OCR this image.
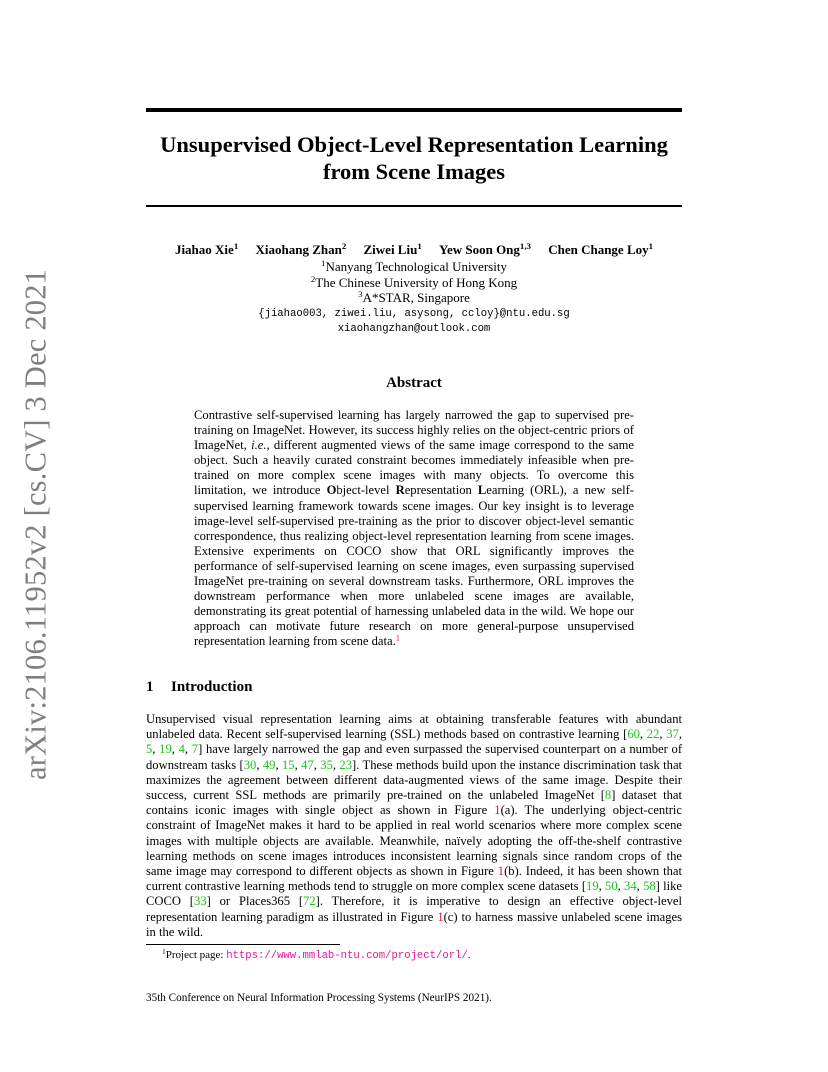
arXiv:2106.11952v2 [cs.CV] 3 Dec 2021
Unsupervised Object-Level Representation Learning
from Scene Images
Jiahao Xie$^1$ Xiaohang Zhan$^2$ Ziwei Liu$^1$ Yew Soon Ong$^{1,3}$ Chen Change Loy$^1$
$^1$Nanyang Technological University
$^2$The Chinese University of Hong Kong
$^3$A*STAR, Singapore
{jiahao003, ziwei.liu, asysong, ccloy}@ntu.edu.sg
xiaohangzhan@outlook.com
Abstract
Contrastive self-supervised learning has largely narrowed the gap to supervised pre-training on ImageNet. However, its success highly relies on the object-centric priors of ImageNet, i.e., different augmented views of the same image correspond to the same object. Such a heavily curated constraint becomes immediately infeasible when pre-trained on more complex scene images with many objects. To overcome this limitation, we introduce Object-level Representation Learning (ORL), a new self-supervised learning framework towards scene images. Our key insight is to leverage image-level self-supervised pre-training as the prior to discover object-level semantic correspondence, thus realizing object-level representation learning from scene images. Extensive experiments on COCO show that ORL significantly improves the performance of self-supervised learning on scene images, even surpassing supervised ImageNet pre-training on several downstream tasks. Furthermore, ORL improves the downstream performance when more unlabeled scene images are available, demonstrating its great potential of harnessing unlabeled data in the wild. We hope our approach can motivate future research on more general-purpose unsupervised representation learning from scene data.$^1$
1 Introduction
Unsupervised visual representation learning aims at obtaining transferable features with abundant unlabeled data. Recent self-supervised learning (SSL) methods based on contrastive learning [60, 22, 37, 5, 19, 4, 7] have largely narrowed the gap and even surpassed the supervised counterpart on a number of downstream tasks [30, 49, 15, 47, 35, 23]. These methods build upon the instance discrimination task that maximizes the agreement between different data-augmented views of the same image. Despite their success, current SSL methods are primarily pre-trained on the unlabeled ImageNet [8] dataset that contains iconic images with single object as shown in Figure 1(a). The underlying object-centric constraint of ImageNet makes it hard to be applied in real world scenarios where more complex scene images with multiple objects are available. Meanwhile, naïvely adopting the off-the-shelf contrastive learning methods on scene images introduces inconsistent learning signals since random crops of the same image may correspond to different objects as shown in Figure 1(b). Indeed, it has been shown that current contrastive learning methods tend to struggle on more complex scene datasets [19, 50, 34, 58] like COCO [33] or Places365 [72]. Therefore, it is imperative to design an effective object-level representation learning paradigm as illustrated in Figure 1(c) to harness massive unlabeled scene images in the wild.
$^1$Project page: https://www.mmlab-ntu.com/project/orl/.
35th Conference on Neural Information Processing Systems (NeurIPS 2021).
